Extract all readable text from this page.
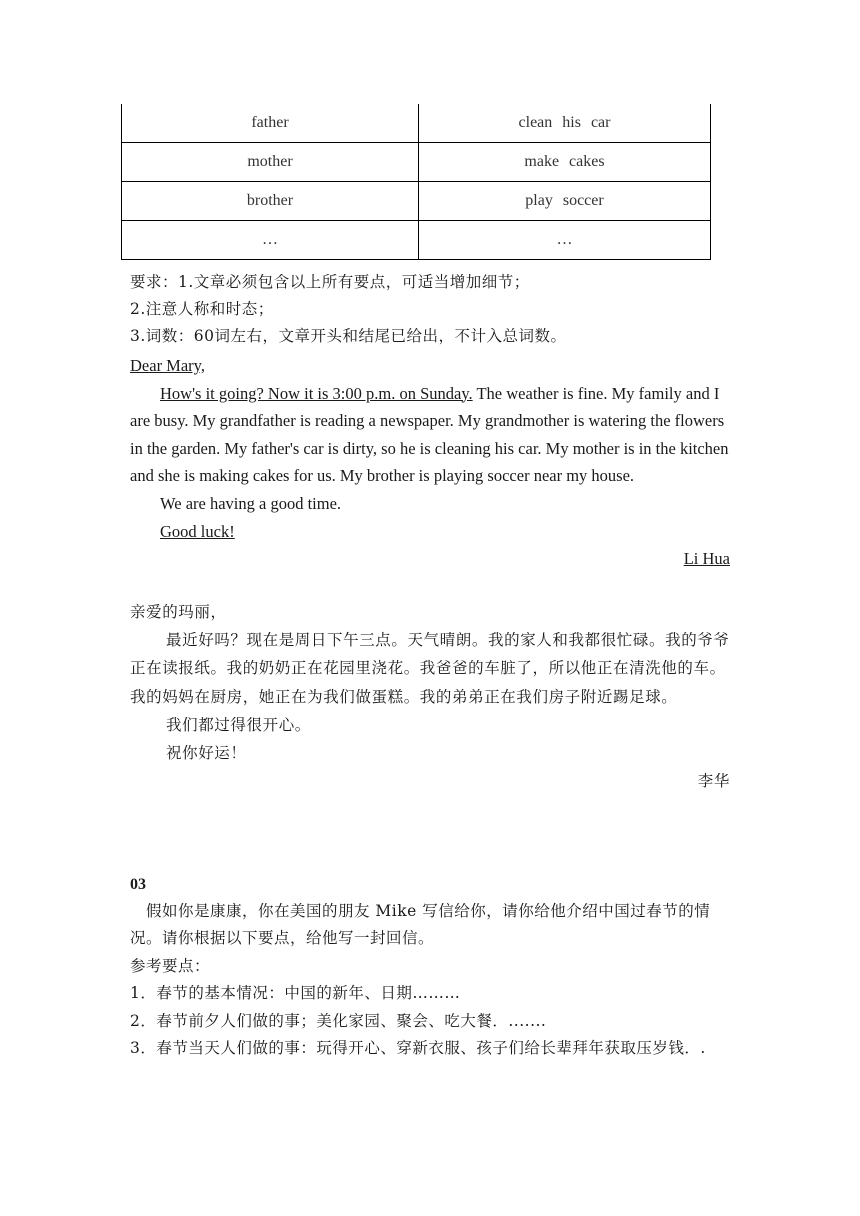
father	clean his car
mother	make cakes
brother	play soccer
…	…
要求：1.文章必须包含以上所有要点，可适当增加细节；
2.注意人称和时态；
3.词数：60词左右，文章开头和结尾已给出，不计入总词数。

Dear Mary,

How's it going? Now it is 3:00 p.m. on Sunday. The weather is fine. My family and I are busy. My grandfather is reading a newspaper. My grandmother is watering the flowers in the garden. My father's car is dirty, so he is cleaning his car. My mother is in the kitchen and she is making cakes for us. My brother is playing soccer near my house.

We are having a good time.

Good luck!

Li Hua

亲爱的玛丽，

最近好吗？现在是周日下午三点。天气晴朗。我的家人和我都很忙碌。我的爷爷正在读报纸。我的奶奶正在花园里浇花。我爸爸的车脏了，所以他正在清洗他的车。我的妈妈在厨房，她正在为我们做蛋糕。我的弟弟正在我们房子附近踢足球。

我们都过得很开心。

祝你好运！

李华

03

假如你是康康，你在美国的朋友 Mike 写信给你，请你给他介绍中国过春节的情况。请你根据以下要点，给他写一封回信。

参考要点：

1．春节的基本情况：中国的新年、日期………

2．春节前夕人们做的事；美化家园、聚会、吃大餐．.......

3．春节当天人们做的事：玩得开心、穿新衣服、孩子们给长辈拜年获取压岁钱．.
